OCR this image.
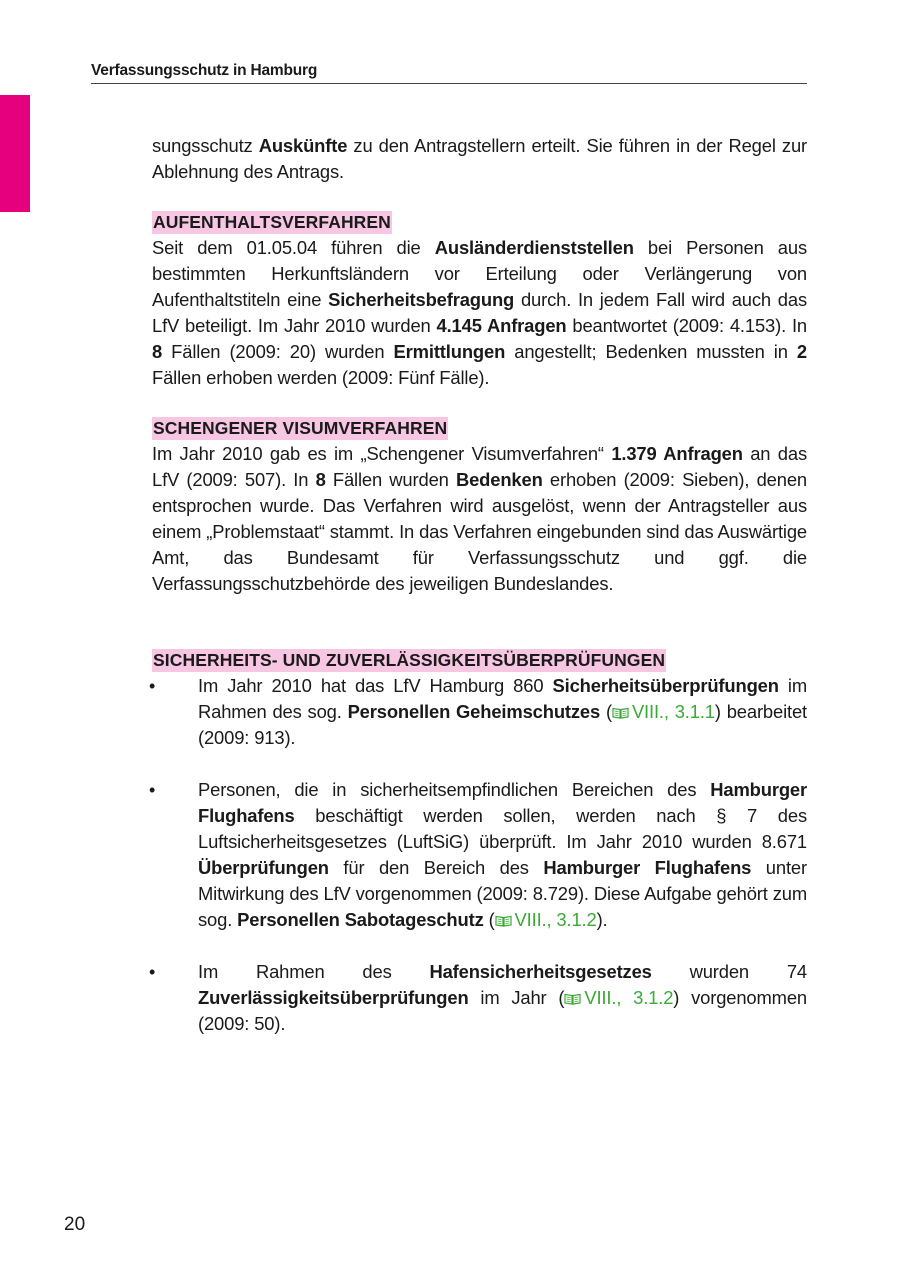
Verfassungsschutz in Hamburg

sungsschutz Auskünfte zu den Antragstellern erteilt. Sie führen in der Regel zur Ablehnung des Antrags.

AUFENTHALTSVERFAHREN

Seit dem 01.05.04 führen die Ausländerdienststellen bei Personen aus bestimmten Herkunftsländern vor Erteilung oder Verlängerung von Aufenthaltstiteln eine Sicherheitsbefragung durch. In jedem Fall wird auch das LfV beteiligt. Im Jahr 2010 wurden 4.145 Anfragen beantwortet (2009: 4.153). In 8 Fällen (2009: 20) wurden Ermittlungen angestellt; Bedenken mussten in 2 Fällen erhoben werden (2009: Fünf Fälle).

SCHENGENER VISUMVERFAHREN

Im Jahr 2010 gab es im „Schengener Visumverfahren“ 1.379 Anfragen an das LfV (2009: 507). In 8 Fällen wurden Bedenken erhoben (2009: Sieben), denen entsprochen wurde. Das Verfahren wird ausgelöst, wenn der Antragsteller aus einem „Problemstaat“ stammt. In das Verfahren eingebunden sind das Auswärtige Amt, das Bundesamt für Verfassungsschutz und ggf. die Verfassungsschutzbehörde des jeweiligen Bundeslandes.

SICHERHEITS- UND ZUVERLÄSSIGKEITSÜBERPRÜFUNGEN
• Im Jahr 2010 hat das LfV Hamburg 860 Sicherheitsüberprüfungen im Rahmen des sog. Personellen Geheimschutzes ( VIII., 3.1.1) bearbeitet (2009: 913).
• Personen, die in sicherheitsempfindlichen Bereichen des Hamburger Flughafens beschäftigt werden sollen, werden nach § 7 des Luftsicherheitsgesetzes (LuftSiG) überprüft. Im Jahr 2010 wurden 8.671 Überprüfungen für den Bereich des Hamburger Flughafens unter Mitwirkung des LfV vorgenommen (2009: 8.729). Diese Aufgabe gehört zum sog. Personellen Sabotageschutz ( VIII., 3.1.2).
• Im Rahmen des Hafensicherheitsgesetzes wurden 74 Zuverlässigkeitsüberprüfungen im Jahr ( VIII., 3.1.2) vorgenommen (2009: 50).
20
